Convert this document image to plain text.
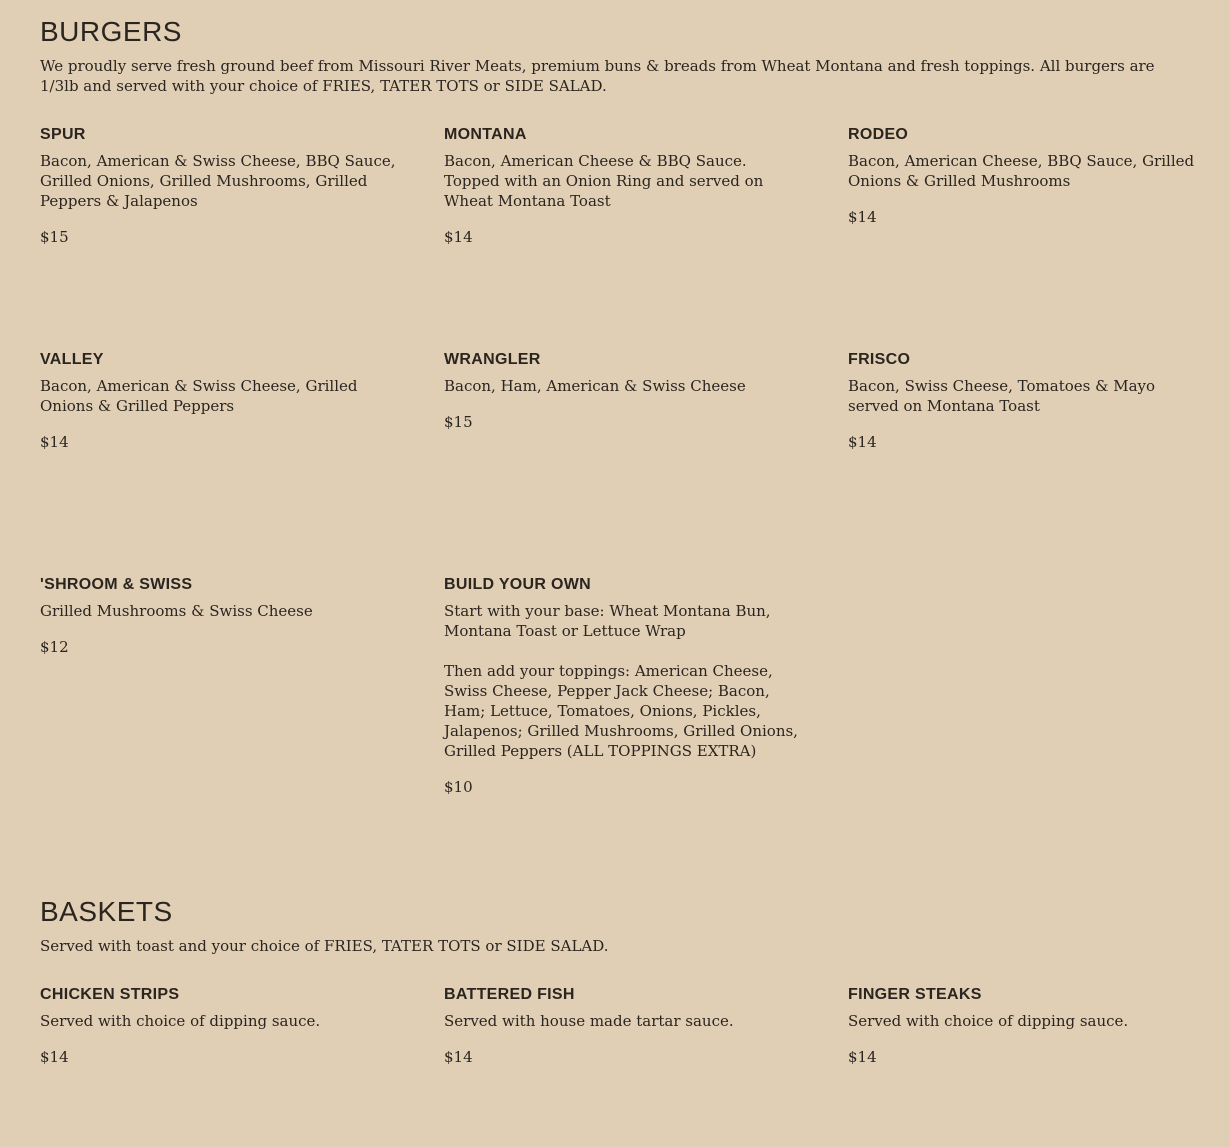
BURGERS

We proudly serve fresh ground beef from Missouri River Meats, premium buns & breads from Wheat Montana and fresh toppings. All burgers are 1/3lb and served with your choice of FRIES, TATER TOTS or SIDE SALAD.

SPUR

Bacon, American & Swiss Cheese, BBQ Sauce, Grilled Onions, Grilled Mushrooms, Grilled Peppers & Jalapenos

$15

MONTANA

Bacon, American Cheese & BBQ Sauce. Topped with an Onion Ring and served on Wheat Montana Toast

$14

RODEO

Bacon, American Cheese, BBQ Sauce, Grilled Onions & Grilled Mushrooms

$14

VALLEY

Bacon, American & Swiss Cheese, Grilled Onions & Grilled Peppers

$14

WRANGLER

Bacon, Ham, American & Swiss Cheese

$15

FRISCO

Bacon, Swiss Cheese, Tomatoes & Mayo served on Montana Toast

$14

'SHROOM & SWISS

Grilled Mushrooms & Swiss Cheese

$12

BUILD YOUR OWN

Start with your base: Wheat Montana Bun, Montana Toast or Lettuce Wrap

Then add your toppings: American Cheese, Swiss Cheese, Pepper Jack Cheese; Bacon, Ham; Lettuce, Tomatoes, Onions, Pickles, Jalapenos; Grilled Mushrooms, Grilled Onions, Grilled Peppers (ALL TOPPINGS EXTRA)

$10

BASKETS

Served with toast and your choice of FRIES, TATER TOTS or SIDE SALAD.

CHICKEN STRIPS

Served with choice of dipping sauce.

$14

BATTERED FISH

Served with house made tartar sauce.

$14

FINGER STEAKS

Served with choice of dipping sauce.

$14
